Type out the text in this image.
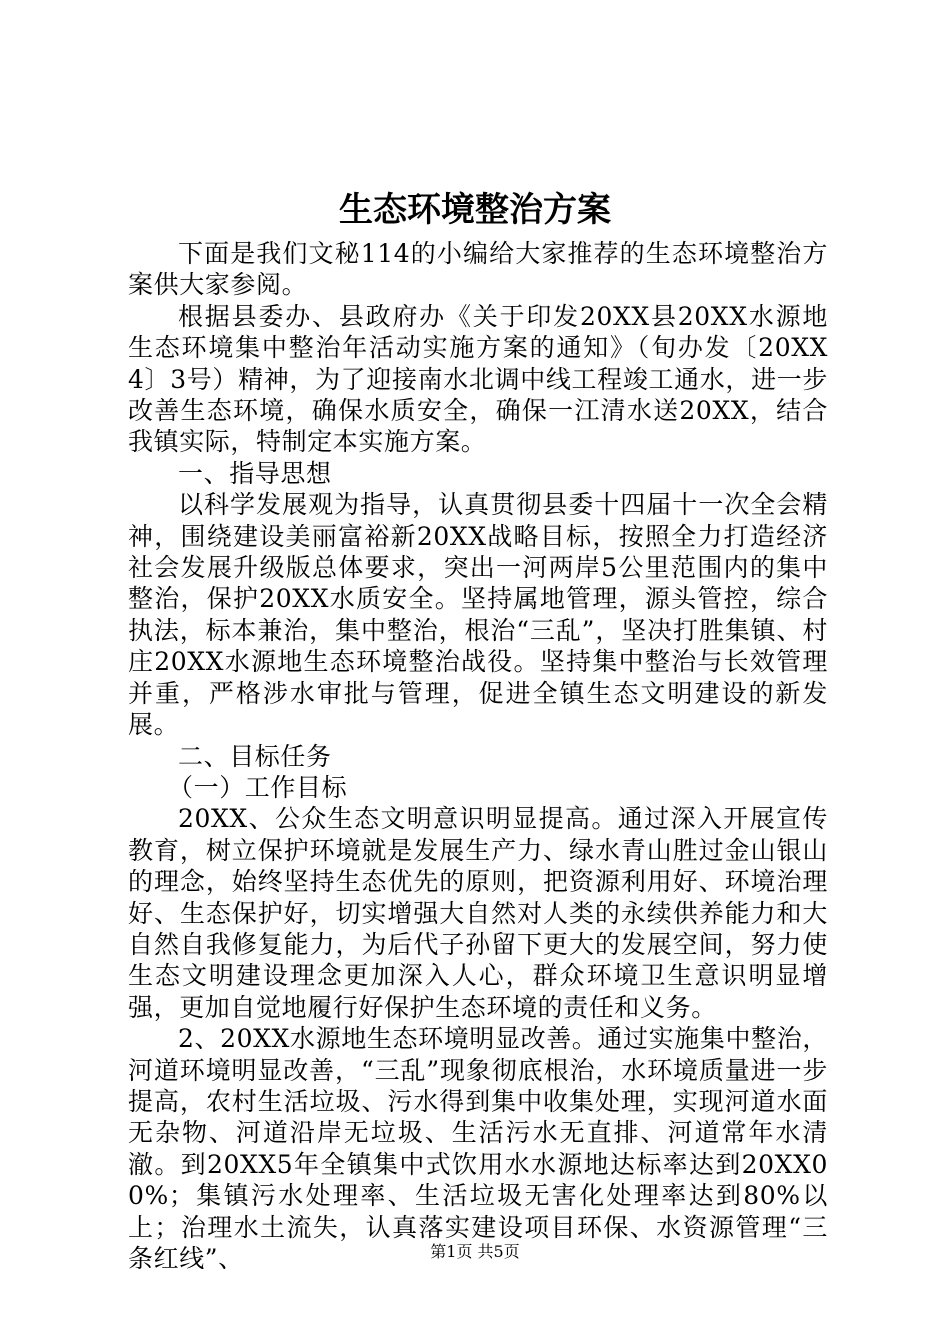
生态环境整治方案

下面是我们文秘114的小编给大家推荐的生态环境整治方案供大家参阅。

根据县委办、县政府办《关于印发20XX县20XX水源地生态环境集中整治年活动实施方案的通知》（旬办发〔20XX4〕3号）精神，为了迎接南水北调中线工程竣工通水，进一步改善生态环境，确保水质安全，确保一江清水送20XX，结合我镇实际，特制定本实施方案。

一、指导思想

以科学发展观为指导，认真贯彻县委十四届十一次全会精神，围绕建设美丽富裕新20XX战略目标，按照全力打造经济社会发展升级版总体要求，突出一河两岸5公里范围内的集中整治，保护20XX水质安全。坚持属地管理，源头管控，综合执法，标本兼治，集中整治，根治“三乱”，坚决打胜集镇、村庄20XX水源地生态环境整治战役。坚持集中整治与长效管理并重，严格涉水审批与管理，促进全镇生态文明建设的新发展。

二、目标任务

（一）工作目标

20XX、公众生态文明意识明显提高。通过深入开展宣传教育，树立保护环境就是发展生产力、绿水青山胜过金山银山的理念，始终坚持生态优先的原则，把资源利用好、环境治理好、生态保护好，切实增强大自然对人类的永续供养能力和大自然自我修复能力，为后代子孙留下更大的发展空间，努力使生态文明建设理念更加深入人心，群众环境卫生意识明显增强，更加自觉地履行好保护生态环境的责任和义务。

2、20XX水源地生态环境明显改善。通过实施集中整治，河道环境明显改善，“三乱”现象彻底根治，水环境质量进一步提高，农村生活垃圾、污水得到集中收集处理，实现河道水面无杂物、河道沿岸无垃圾、生活污水无直排、河道常年水清澈。到20XX5年全镇集中式饮用水水源地达标率达到20XX00%；集镇污水处理率、生活垃圾无害化处理率达到80%以上；治理水土流失，认真落实建设项目环保、水资源管理“三条红线”、	第1页 共5页
